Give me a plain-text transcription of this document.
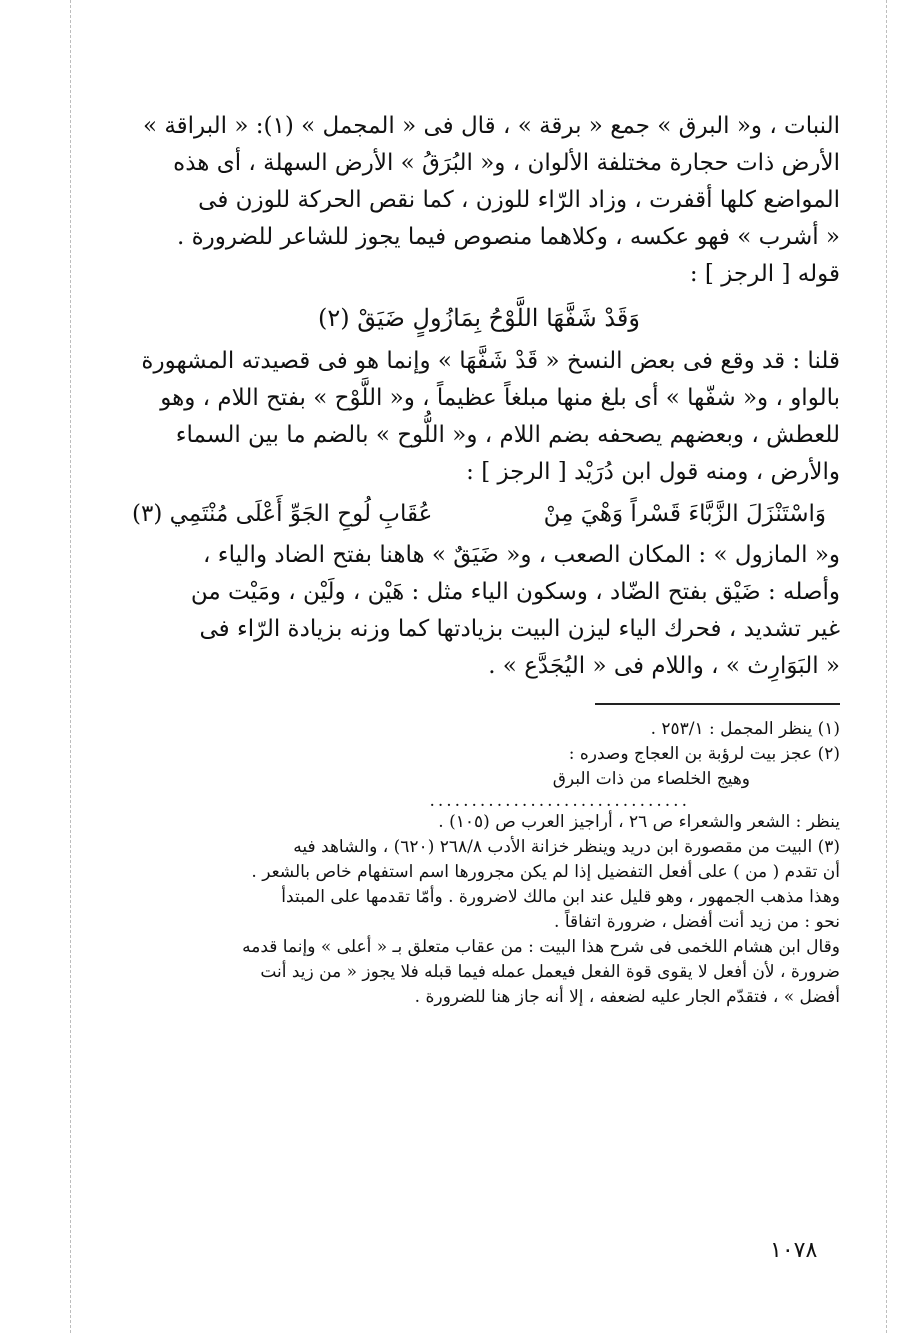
النبات ، و« البرق » جمع « برقة » ، قال فى « المجمل » (١): « البراقة »

الأرض ذات حجارة مختلفة الألوان ، و« البُرَقُ » الأرض السهلة ، أى هذه

المواضع كلها أقفرت ، وزاد الرّاء للوزن ، كما نقص الحركة للوزن فى

« أشرب » فهو عكسه ، وكلاهما منصوص فيما يجوز للشاعر للضرورة .

قوله [ الرجز ] :

وَقَدْ شَفَّهَا اللَّوْحُ بِمَازُولٍ ضَيَقْ (٢)

قلنا : قد وقع فى بعض النسخ « قَدْ شَفَّهَا » وإنما هو فى قصيدته المشهورة

بالواو ، و« شفّها » أى بلغ منها مبلغاً عظيماً ، و« اللَّوْح » بفتح اللام ، وهو

للعطش ، وبعضهم يصحفه بضم اللام ، و« اللُّوح » بالضم ما بين السماء

والأرض ، ومنه قول ابن دُرَيْد [ الرجز ] :

وَاسْتَنْزَلَ الزَّبَّاءَ قَسْراً وَهْيَ مِنْ
عُقَابِ لُوحِ الجَوِّ أَعْلَى مُنْتَمِي (٣)

و« المازول » : المكان الصعب ، و« ضَيَقٌ » هاهنا بفتح الضاد والياء ،

وأصله : ضَيْق بفتح الضّاد ، وسكون الياء مثل : هَيْن ، ولَيْن ، ومَيْت من

غير تشديد ، فحرك الياء ليزن البيت بزيادتها كما وزنه بزيادة الرّاء فى

« البَوَارِث » ، واللام فى « اليُجَدَّع » .

(١) ينظر المجمل : ٢٥٣/١ .

(٢) عجز بيت لرؤبة بن العجاج وصدره :

وهيج الخلصاء من ذات البرق

...............................

ينظر : الشعر والشعراء ص ٢٦ ، أراجيز العرب ص (١٠٥) .

(٣) البيت من مقصورة ابن دريد وينظر خزانة الأدب ٢٦٨/٨ (٦٢٠) ، والشاهد فيه

أن تقدم ( من ) على أفعل التفضيل إذا لم يكن مجرورها اسم استفهام خاص بالشعر .

وهذا مذهب الجمهور ، وهو قليل عند ابن مالك لاضرورة . وأمّا تقدمها على المبتدأ

نحو : من زيد أنت أفضل ، ضرورة اتفاقاً .

وقال ابن هشام اللخمى فى شرح هذا البيت : من عقاب متعلق بـ « أعلى » وإنما قدمه

ضرورة ، لأن أفعل لا يقوى قوة الفعل فيعمل عمله فيما قبله فلا يجوز « من زيد أنت

أفضل » ، فتقدّم الجار عليه لضعفه ، إلا أنه جاز هنا للضرورة .

١٠٧٨
